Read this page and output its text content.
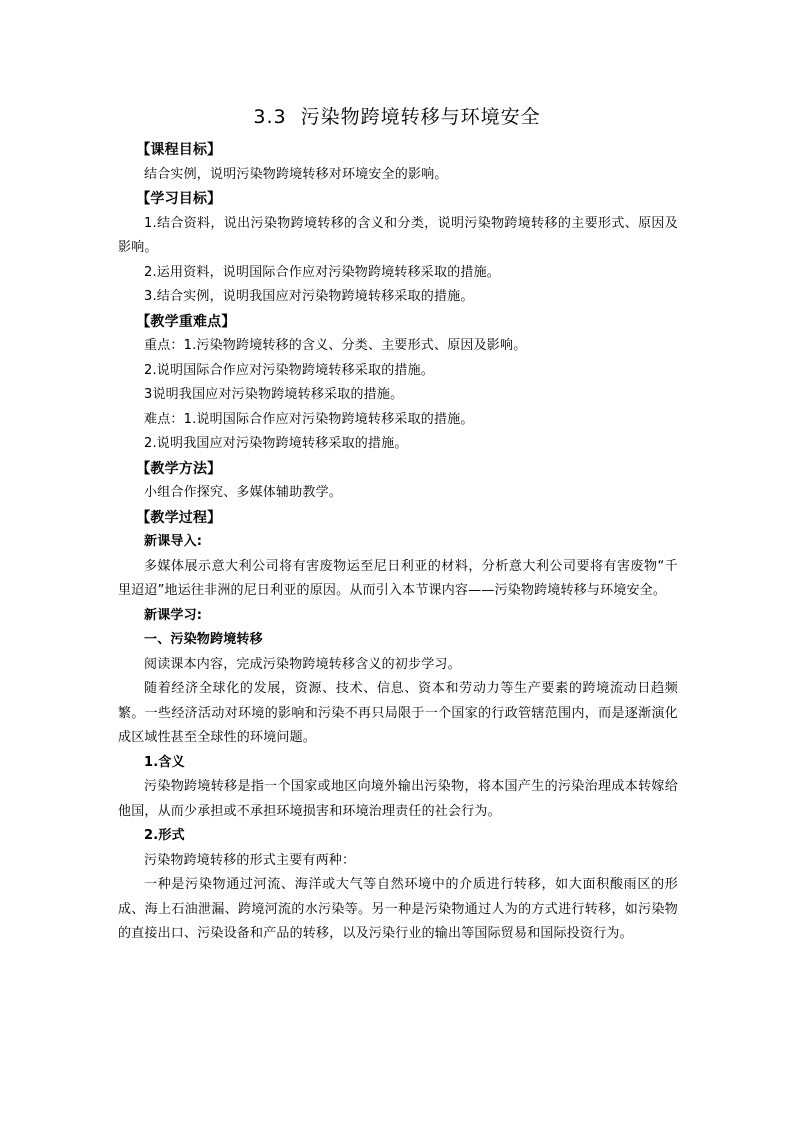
3.3 污染物跨境转移与环境安全

【课程目标】

结合实例，说明污染物跨境转移对环境安全的影响。

【学习目标】

1.结合资料，说出污染物跨境转移的含义和分类，说明污染物跨境转移的主要形式、原因及影响。

2.运用资料，说明国际合作应对污染物跨境转移采取的措施。

3.结合实例，说明我国应对污染物跨境转移采取的措施。

【教学重难点】

重点：1.污染物跨境转移的含义、分类、主要形式、原因及影响。

2.说明国际合作应对污染物跨境转移采取的措施。

3说明我国应对污染物跨境转移采取的措施。

难点：1.说明国际合作应对污染物跨境转移采取的措施。

2.说明我国应对污染物跨境转移采取的措施。

【教学方法】

小组合作探究、多媒体辅助教学。

【教学过程】

新课导入:

多媒体展示意大利公司将有害废物运至尼日利亚的材料，分析意大利公司要将有害废物“千里迢迢”地运往非洲的尼日利亚的原因。从而引入本节课内容——污染物跨境转移与环境安全。

新课学习:

一、污染物跨境转移

阅读课本内容，完成污染物跨境转移含义的初步学习。

随着经济全球化的发展，资源、技术、信息、资本和劳动力等生产要素的跨境流动日趋频繁。一些经济活动对环境的影响和污染不再只局限于一个国家的行政管辖范围内，而是逐渐演化成区域性甚至全球性的环境问题。

1.含义

污染物跨境转移是指一个国家或地区向境外输出污染物，将本国产生的污染治理成本转嫁给他国，从而少承担或不承担环境损害和环境治理责任的社会行为。

2.形式

污染物跨境转移的形式主要有两种：

一种是污染物通过河流、海洋或大气等自然环境中的介质进行转移，如大面积酸雨区的形成、海上石油泄漏、跨境河流的水污染等。另一种是污染物通过人为的方式进行转移，如污染物的直接出口、污染设备和产品的转移，以及污染行业的输出等国际贸易和国际投资行为。
